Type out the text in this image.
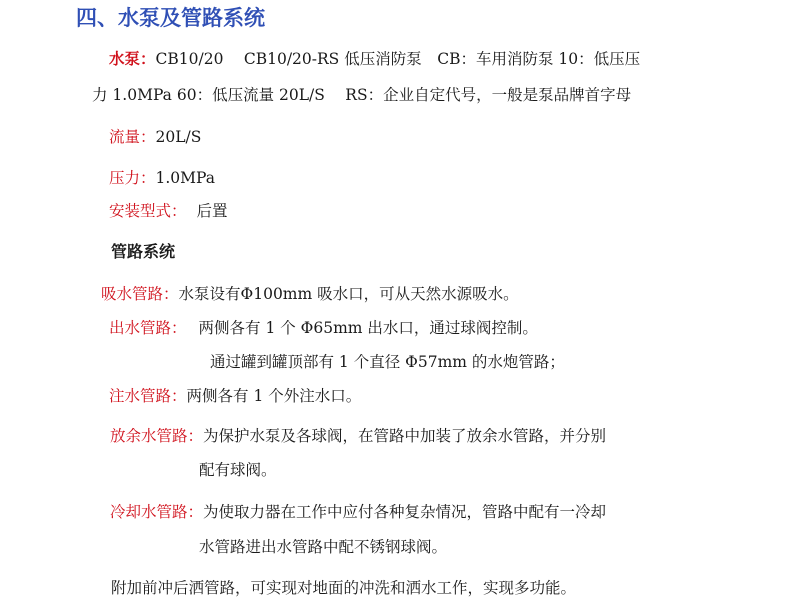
四、水泵及管路系统
水泵：CB10/20　 CB10/20-RS 低压消防泵　CB：车用消防泵 10：低压压
力 1.0MPa 60：低压流量 20L/S　 RS：企业自定代号，一般是泵品牌首字母
流量：20L/S
压力：1.0MPa
安装型式： 后置
管路系统
吸水管路：水泵设有Φ100mm 吸水口，可从天然水源吸水。
出水管路： 两侧各有 1 个 Φ65mm 出水口，通过球阀控制。
通过罐到罐顶部有 1 个直径 Φ57mm 的水炮管路；
注水管路：两侧各有 1 个外注水口。
放余水管路：为保护水泵及各球阀，在管路中加装了放余水管路，并分别
配有球阀。
冷却水管路：为使取力器在工作中应付各种复杂情况，管路中配有一冷却
水管路进出水管路中配不锈钢球阀。
附加前冲后洒管路，可实现对地面的冲洗和洒水工作，实现多功能。
